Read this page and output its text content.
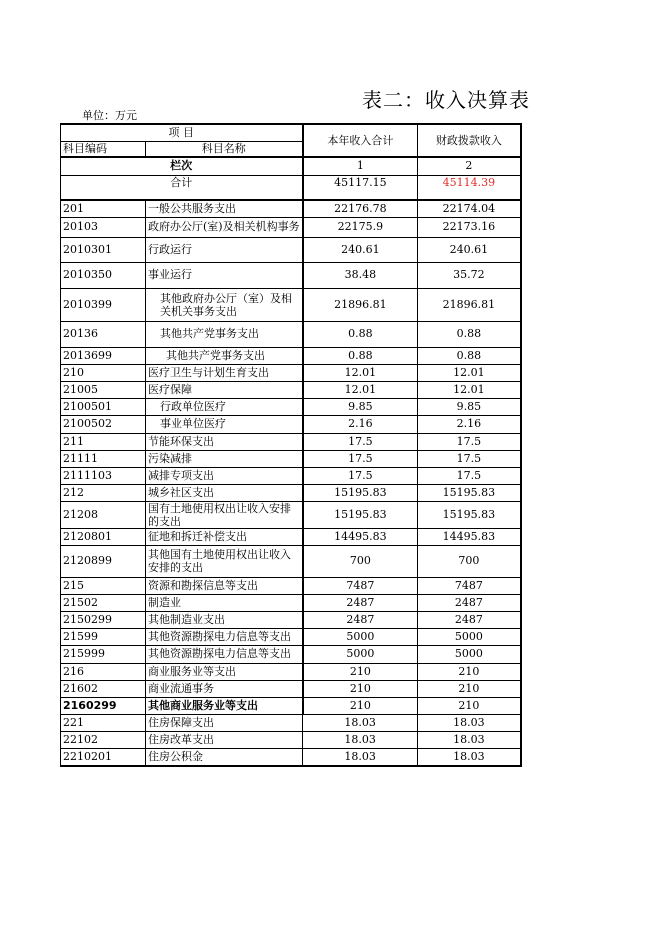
表二：收入决算表
单位：万元
项 目		本年收入合计	财政拨款收入
科目编码	科目名称		
栏次		1	2
合计		45117.15	45114.39
201	一般公共服务支出	22176.78	22174.04
20103	政府办公厅(室)及相关机构事务	22175.9	22173.16
2010301	行政运行	240.61	240.61
2010350	事业运行	38.48	35.72
2010399	其他政府办公厅（室）及相关机关事务支出	21896.81	21896.81
20136	其他共产党事务支出	0.88	0.88
2013699	其他共产党事务支出	0.88	0.88
210	医疗卫生与计划生育支出	12.01	12.01
21005	医疗保障	12.01	12.01
2100501	行政单位医疗	9.85	9.85
2100502	事业单位医疗	2.16	2.16
211	节能环保支出	17.5	17.5
21111	污染减排	17.5	17.5
2111103	减排专项支出	17.5	17.5
212	城乡社区支出	15195.83	15195.83
21208	国有土地使用权出让收入安排的支出	15195.83	15195.83
2120801	征地和拆迁补偿支出	14495.83	14495.83
2120899	其他国有土地使用权出让收入安排的支出	700	700
215	资源和勘探信息等支出	7487	7487
21502	制造业	2487	2487
2150299	其他制造业支出	2487	2487
21599	其他资源勘探电力信息等支出	5000	5000
215999	其他资源勘探电力信息等支出	5000	5000
216	商业服务业等支出	210	210
21602	商业流通事务	210	210
2160299	其他商业服务业等支出	210	210
221	住房保障支出	18.03	18.03
22102	住房改革支出	18.03	18.03
2210201	住房公积金	18.03	18.03
